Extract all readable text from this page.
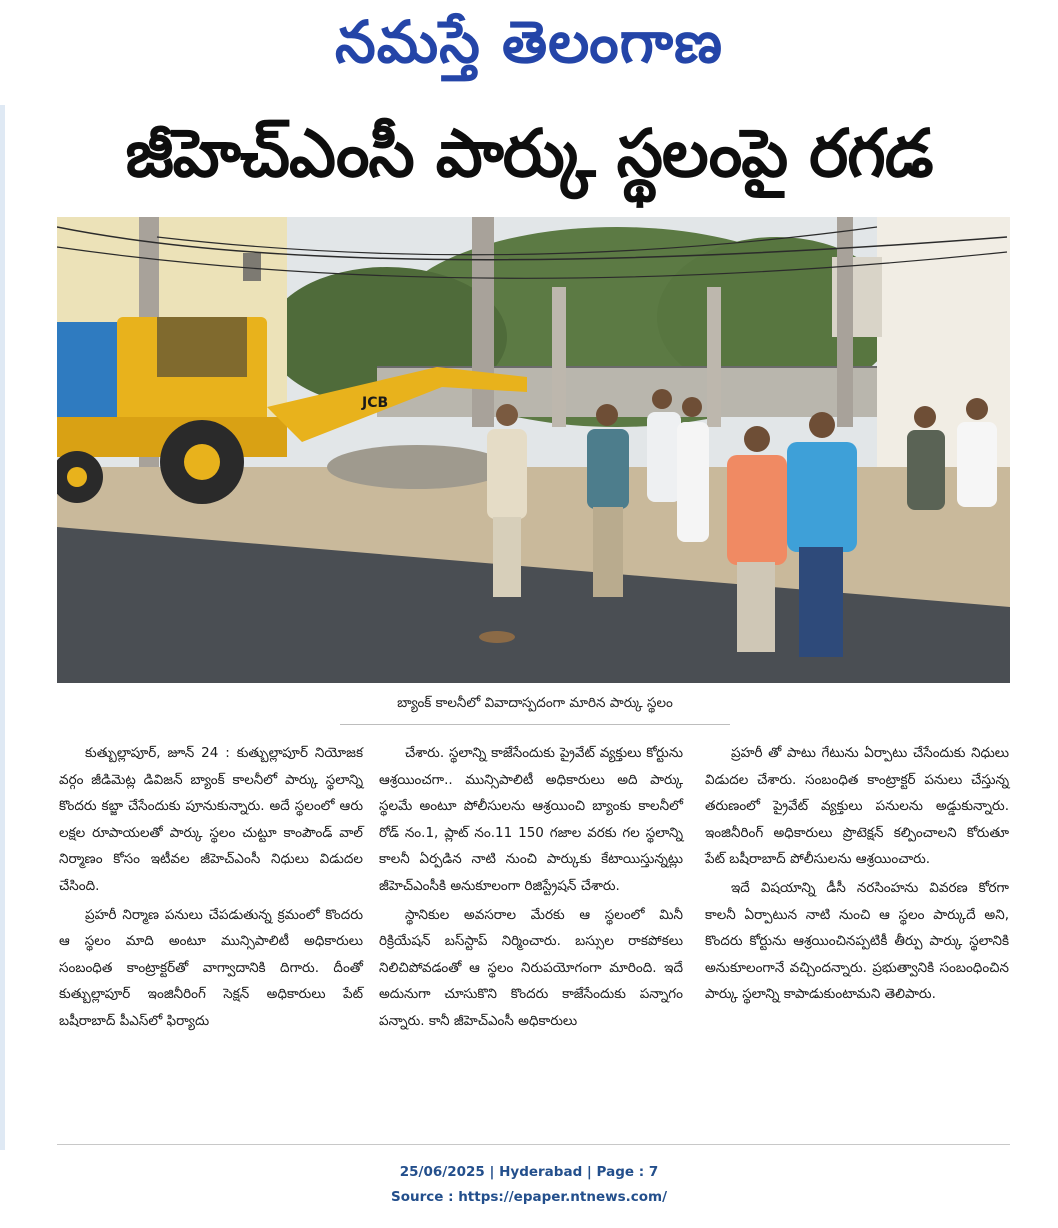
నమస్తే తెలంగాణ
జీహెచ్ఎంసీ పార్కు స్థలంపై రగడ
JCB
బ్యాంక్ కాలనీలో వివాదాస్పదంగా మారిన పార్కు స్థలం

కుత్బుల్లాపూర్, జూన్ 24 : కుత్బుల్లాపూర్ నియోజక వర్గం జీడిమెట్ల డివిజన్ బ్యాంక్ కాలనీలో పార్కు స్థలాన్ని కొందరు కబ్జా చేసేందుకు పూనుకున్నారు. అదే స్థలంలో ఆరు లక్షల రూపాయలతో పార్కు స్థలం చుట్టూ కాంపౌండ్ వాల్ నిర్మాణం కోసం ఇటీవల జీహెచ్ఎంసీ నిధులు విడుదల చేసింది.

ప్రహరీ నిర్మాణ పనులు చేపడుతున్న క్రమంలో కొందరు ఆ స్థలం మాది అంటూ మున్సిపాలిటీ అధికారులు సంబంధిత కాంట్రాక్టర్‌తో వాగ్వాదానికి దిగారు. దీంతో కుత్బుల్లాపూర్ ఇంజినీరింగ్ సెక్షన్ అధికారులు పేట్ బషీరాబాద్ పీఎస్‌లో ఫిర్యాదు

చేశారు. స్థలాన్ని కాజేసేందుకు ప్రైవేట్ వ్యక్తులు కోర్టును ఆశ్రయించగా.. మున్సిపాలిటీ అధికారులు అది పార్కు స్థలమే అంటూ పోలీసులను ఆశ్రయించి బ్యాంకు కాలనీలో రోడ్ నం.1, ప్లాట్ నం.11 150 గజాల వరకు గల స్థలాన్ని కాలనీ ఏర్పడిన నాటి నుంచి పార్కుకు కేటాయిస్తున్నట్లు జీహెచ్ఎంసీకి అనుకూలంగా రిజిస్ట్రేషన్ చేశారు.

స్థానికుల అవసరాల మేరకు ఆ స్థలంలో మినీ రిక్రియేషన్ బస్‌స్టాప్ నిర్మించారు. బస్సుల రాకపోకలు నిలిచిపోవడంతో ఆ స్థలం నిరుపయోగంగా మారింది. ఇదే అదునుగా చూసుకొని కొందరు కాజేసేందుకు పన్నాగం పన్నారు. కానీ జీహెచ్ఎంసీ అధికారులు

ప్రహరీ తో పాటు గేటును ఏర్పాటు చేసేందుకు నిధులు విడుదల చేశారు. సంబంధిత కాంట్రాక్టర్ పనులు చేస్తున్న తరుణంలో ప్రైవేట్ వ్యక్తులు పనులను అడ్డుకున్నారు. ఇంజినీరింగ్ అధికారులు ప్రొటెక్షన్ కల్పించాలని కోరుతూ పేట్ బషీరాబాద్ పోలీసులను ఆశ్రయించారు.

ఇదే విషయాన్ని డీసీ నరసింహను వివరణ కోరగా కాలనీ ఏర్పాటున నాటి నుంచి ఆ స్థలం పార్కుదే అని, కొందరు కోర్టును ఆశ్రయించినప్పటికీ తీర్పు పార్కు స్థలానికి అనుకూలంగానే వచ్చిందన్నారు. ప్రభుత్వానికి సంబంధించిన పార్కు స్థలాన్ని కాపాడుకుంటామని తెలిపారు.

25/06/2025 | Hyderabad | Page : 7
Source : https://epaper.ntnews.com/
